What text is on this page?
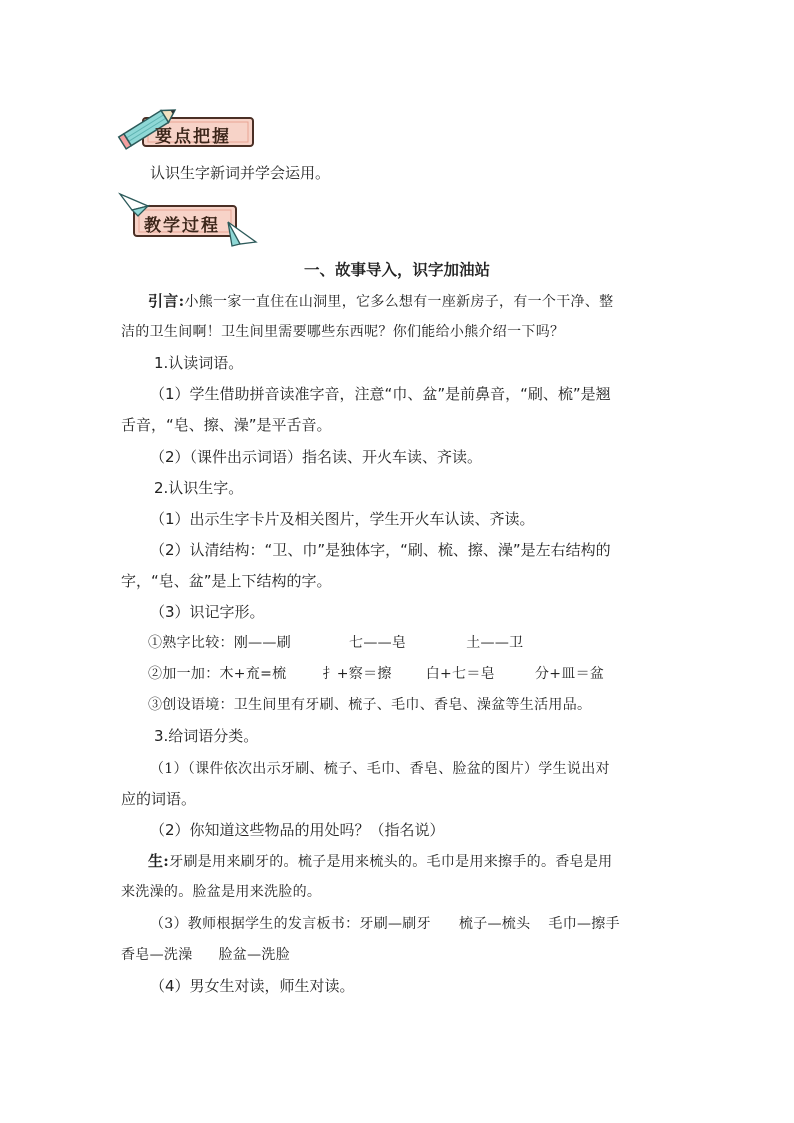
要点把握
认识生字新词并学会运用。
教学过程
一、故事导入，识字加油站
引言:小熊一家一直住在山洞里，它多么想有一座新房子，有一个干净、整
洁的卫生间啊！卫生间里需要哪些东西呢？你们能给小熊介绍一下吗？
1.认读词语。
（1）学生借助拼音读准字音，注意“巾、盆”是前鼻音，“刷、梳”是翘
舌音，“皂、擦、澡”是平舌音。
（2）（课件出示词语）指名读、开火车读、齐读。
2.认识生字。
（1）出示生字卡片及相关图片，学生开火车认读、齐读。
（2）认清结构：“卫、巾”是独体字，“刷、梳、擦、澡”是左右结构的
字，“皂、盆”是上下结构的字。
（3）识记字形。
①熟字比较：刚——刷	七——皂	土——卫
②加一加：木+㐬=梳	扌+察＝擦 白+七＝皂	分+皿＝盆
③创设语境：卫生间里有牙刷、梳子、毛巾、香皂、澡盆等生活用品。
3.给词语分类。
（1）（课件依次出示牙刷、梳子、毛巾、香皂、脸盆的图片）学生说出对
应的词语。
（2）你知道这些物品的用处吗？（指名说）
生:牙刷是用来刷牙的。梳子是用来梳头的。毛巾是用来擦手的。香皂是用
来洗澡的。脸盆是用来洗脸的。
（3）教师根据学生的发言板书：牙刷—刷牙 梳子—梳头 毛巾—擦手
香皂—洗澡 脸盆—洗脸
（4）男女生对读，师生对读。
